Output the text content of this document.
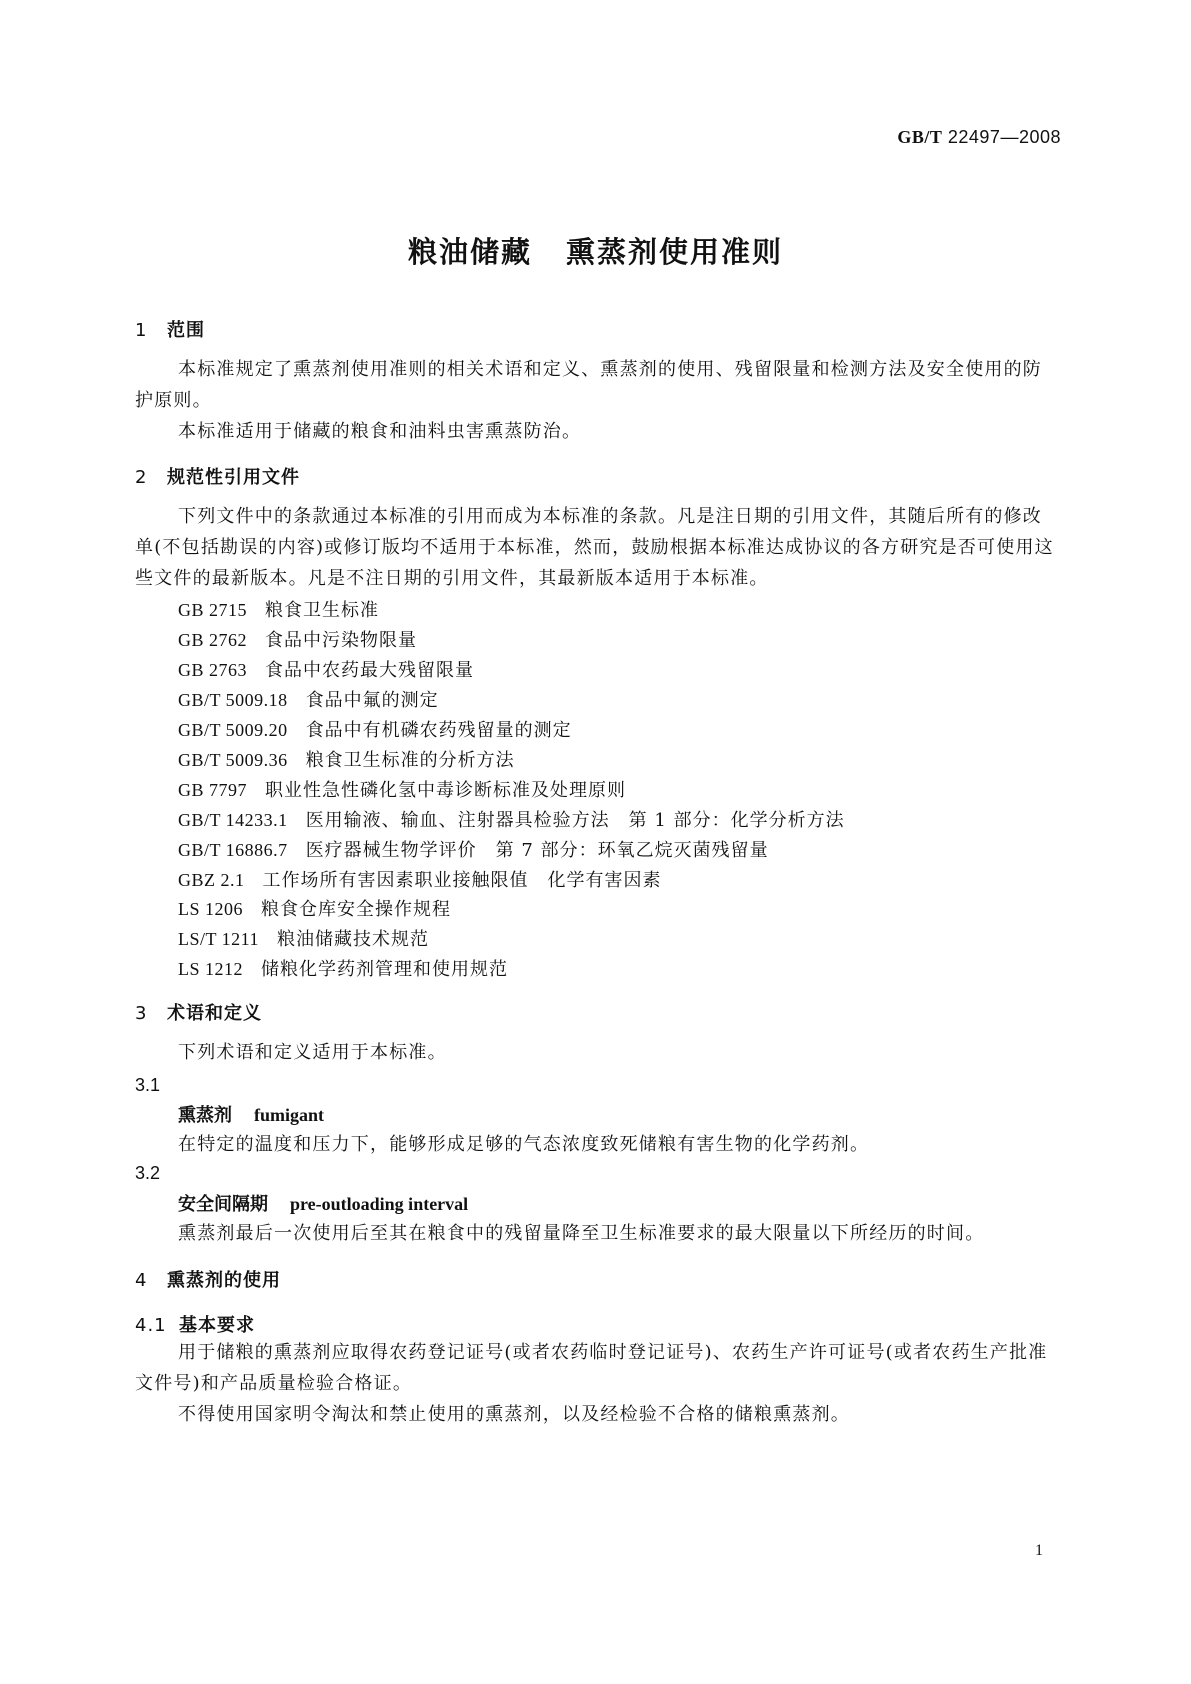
GB/T 22497—2008
粮油储藏 熏蒸剂使用准则
1 范围

本标准规定了熏蒸剂使用准则的相关术语和定义、熏蒸剂的使用、残留限量和检测方法及安全使用的防护原则。

本标准适用于储藏的粮食和油料虫害熏蒸防治。

2 规范性引用文件

下列文件中的条款通过本标准的引用而成为本标准的条款。凡是注日期的引用文件，其随后所有的修改单(不包括勘误的内容)或修订版均不适用于本标准，然而，鼓励根据本标准达成协议的各方研究是否可使用这些文件的最新版本。凡是不注日期的引用文件，其最新版本适用于本标准。

GB 2715 粮食卫生标准
GB 2762 食品中污染物限量
GB 2763 食品中农药最大残留限量
GB/T 5009.18 食品中氟的测定
GB/T 5009.20 食品中有机磷农药残留量的测定
GB/T 5009.36 粮食卫生标准的分析方法
GB 7797 职业性急性磷化氢中毒诊断标准及处理原则
GB/T 14233.1 医用输液、输血、注射器具检验方法　第 1 部分：化学分析方法
GB/T 16886.7 医疗器械生物学评价　第 7 部分：环氧乙烷灭菌残留量
GBZ 2.1 工作场所有害因素职业接触限值　化学有害因素
LS 1206 粮食仓库安全操作规程
LS/T 1211 粮油储藏技术规范
LS 1212 储粮化学药剂管理和使用规范
3 术语和定义

下列术语和定义适用于本标准。

3.1
熏蒸剂 fumigant
在特定的温度和压力下，能够形成足够的气态浓度致死储粮有害生物的化学药剂。
3.2
安全间隔期 pre-outloading interval
熏蒸剂最后一次使用后至其在粮食中的残留量降至卫生标准要求的最大限量以下所经历的时间。
4 熏蒸剂的使用
4.1 基本要求

用于储粮的熏蒸剂应取得农药登记证号(或者农药临时登记证号)、农药生产许可证号(或者农药生产批准文件号)和产品质量检验合格证。

不得使用国家明令淘汰和禁止使用的熏蒸剂，以及经检验不合格的储粮熏蒸剂。

1
